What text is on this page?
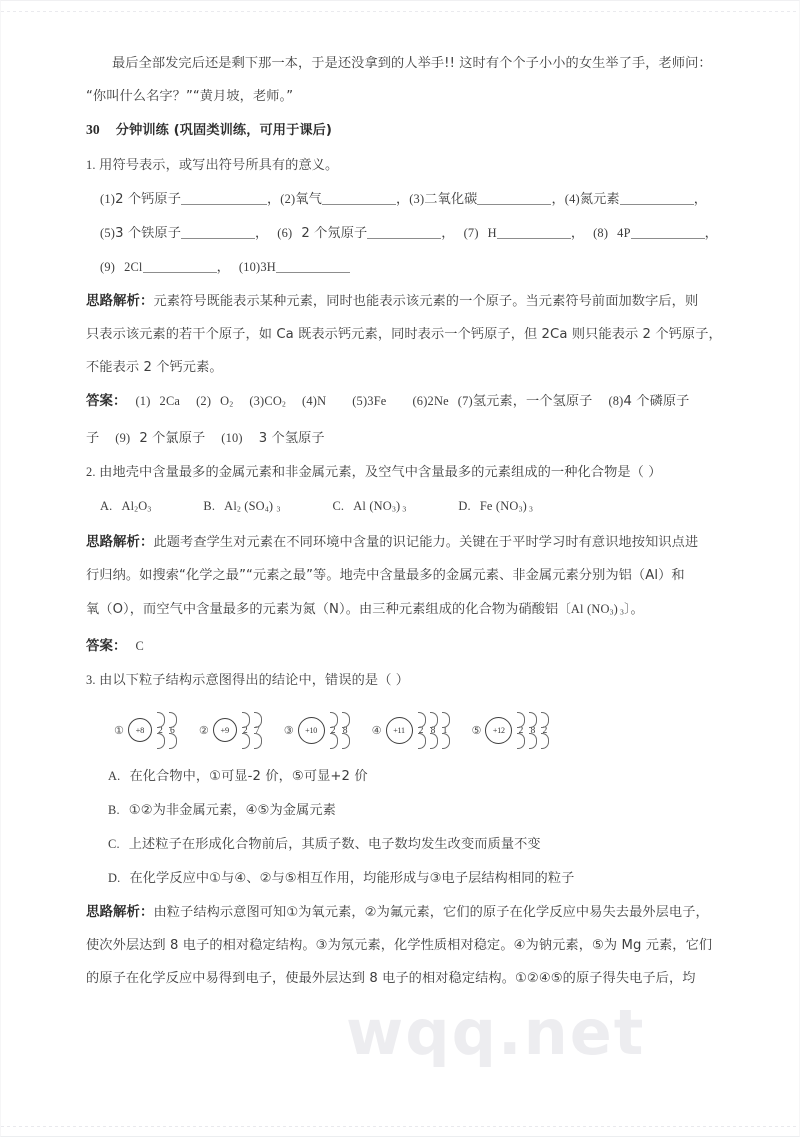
wqq.net
最后全部发完后还是剩下那一本，于是还没拿到的人举手!! 这时有个个子小小的女生举了手，老师问：
“你叫什么名字？”“黄月坡，老师。”
30 分钟训练 (巩固类训练，可用于课后)
1. 用符号表示，或写出符号所具有的意义。
(1)2 个钙原子	，(2)氧气	，(3)二氧化碳	，(4)氮元素	，
(5)3 个铁原子	， (6) 2 个氖原子	， (7) H	， (8) 4P	，
(9) 2Cl	， (10)3H
思路解析：元素符号既能表示某种元素，同时也能表示该元素的一个原子。当元素符号前面加数字后，则
只表示该元素的若干个原子，如 Ca 既表示钙元素，同时表示一个钙原子，但 2Ca 则只能表示 2 个钙原子，
不能表示 2 个钙元素。
答案： (1) 2Ca (2) $O_2$ $(3)CO_2$ (4)N (5)3Fe (6)2Ne (7)氢元素，一个氢原子 (8)4 个磷原子
子 (9) 2 个氯原子 (10) 3 个氢原子
2. 由地壳中含量最多的金属元素和非金属元素，及空气中含量最多的元素组成的一种化合物是（ ）
A. $Al_2O_3$	B. $Al_2$ $(SO_4)$ $_3$	C. Al $(NO_3)$ $_3$	D. Fe $(NO_3)$ $_3$
思路解析：此题考查学生对元素在不同环境中含量的识记能力。关键在于平时学习时有意识地按知识点进
行归纳。如搜索“化学之最”“元素之最”等。地壳中含量最多的金属元素、非金属元素分别为铝（Al）和
氧（O），而空气中含量最多的元素为氮（N）。由三种元素组成的化合物为硝酸铝〔Al $(NO_3)$ $_3$〕。
答案： C
3. 由以下粒子结构示意图得出的结论中，错误的是（ ）
①	+8	2 6 ②	+9	2 7 ③	+10	2 8 ④	+11	2 8 1 ⑤	+12	2 8 2
A. 在化合物中，①可显-2 价，⑤可显+2 价
B. ①②为非金属元素，④⑤为金属元素
C. 上述粒子在形成化合物前后，其质子数、电子数均发生改变而质量不变
D. 在化学反应中①与④、②与⑤相互作用，均能形成与③电子层结构相同的粒子
思路解析：由粒子结构示意图可知①为氧元素，②为氟元素，它们的原子在化学反应中易失去最外层电子，
使次外层达到 8 电子的相对稳定结构。③为氖元素，化学性质相对稳定。④为钠元素，⑤为 Mg 元素，它们
的原子在化学反应中易得到电子，使最外层达到 8 电子的相对稳定结构。①②④⑤的原子得失电子后，均
